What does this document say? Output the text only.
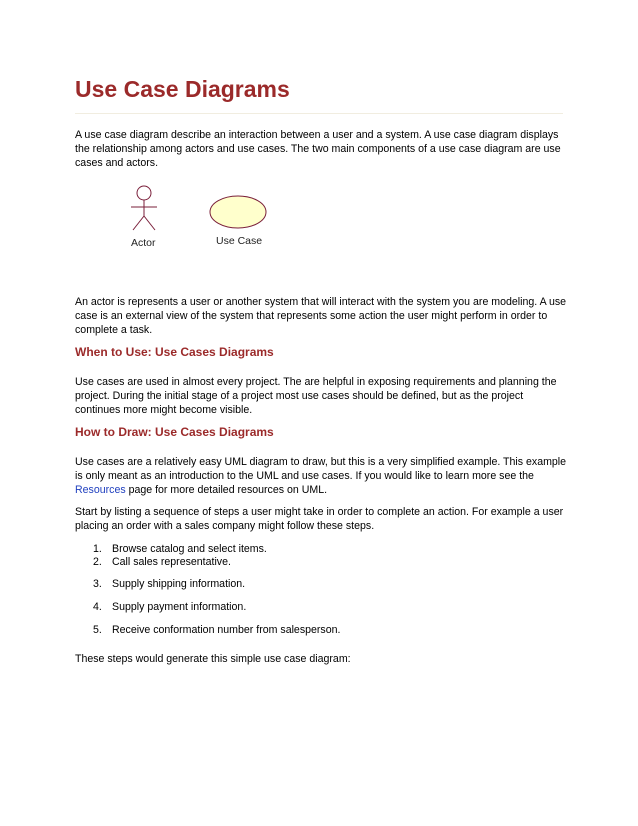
Use Case Diagrams

A use case diagram describe an interaction between a user and a system. A use case diagram displays the relationship among actors and use cases. The two main components of a use case diagram are use cases and actors.

Actor	Use Case

An actor is represents a user or another system that will interact with the system you are modeling. A use case is an external view of the system that represents some action the user might perform in order to complete a task.

When to Use: Use Cases Diagrams

Use cases are used in almost every project. The are helpful in exposing requirements and planning the project. During the initial stage of a project most use cases should be defined, but as the project continues more might become visible.

How to Draw: Use Cases Diagrams

Use cases are a relatively easy UML diagram to draw, but this is a very simplified example. This example is only meant as an introduction to the UML and use cases. If you would like to learn more see the Resources page for more detailed resources on UML.

Start by listing a sequence of steps a user might take in order to complete an action. For example a user placing an order with a sales company might follow these steps.

1. Browse catalog and select items.
2. Call sales representative.
3. Supply shipping information.
4. Supply payment information.
5. Receive conformation number from salesperson.

These steps would generate this simple use case diagram:
